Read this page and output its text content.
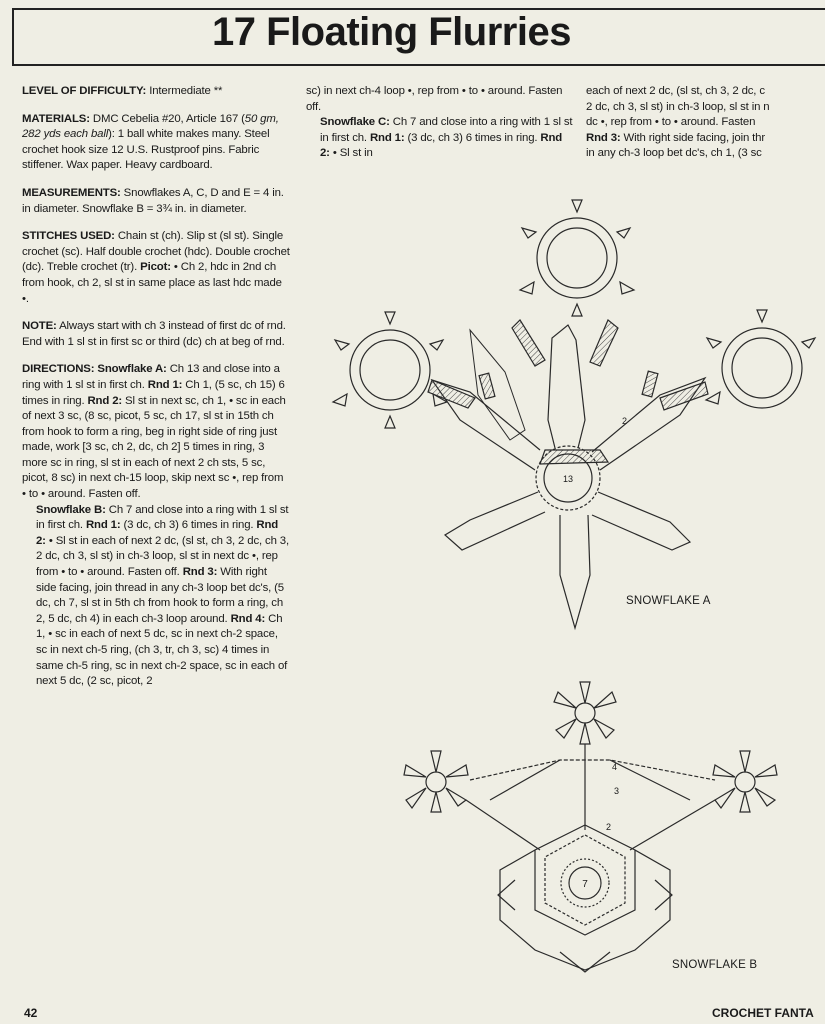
17 Floating Flurries

LEVEL OF DIFFICULTY: Intermediate **

MATERIALS: DMC Cebelia #20, Article 167 (50 gm, 282 yds each ball): 1 ball white makes many. Steel crochet hook size 12 U.S. Rustproof pins. Fabric stiffener. Wax paper. Heavy cardboard.

MEASUREMENTS: Snowflakes A, C, D and E = 4 in. in diameter. Snowflake B = 3¾ in. in diameter.

STITCHES USED: Chain st (ch). Slip st (sl st). Single crochet (sc). Half double crochet (hdc). Double crochet (dc). Treble crochet (tr). Picot: • Ch 2, hdc in 2nd ch from hook, ch 2, sl st in same place as last hdc made •.

NOTE: Always start with ch 3 instead of first dc of rnd. End with 1 sl st in first sc or third (dc) ch at beg of rnd.

DIRECTIONS: Snowflake A: Ch 13 and close into a ring with 1 sl st in first ch. Rnd 1: Ch 1, (5 sc, ch 15) 6 times in ring. Rnd 2: Sl st in next sc, ch 1, • sc in each of next 3 sc, (8 sc, picot, 5 sc, ch 17, sl st in 15th ch from hook to form a ring, beg in right side of ring just made, work [3 sc, ch 2, dc, ch 2] 5 times in ring, 3 more sc in ring, sl st in each of next 2 ch sts, 5 sc, picot, 8 sc) in next ch-15 loop, skip next sc •, rep from • to • around. Fasten off.

Snowflake B: Ch 7 and close into a ring with 1 sl st in first ch. Rnd 1: (3 dc, ch 3) 6 times in ring. Rnd 2: • Sl st in each of next 2 dc, (sl st, ch 3, 2 dc, ch 3, 2 dc, ch 3, sl st) in ch-3 loop, sl st in next dc •, rep from • to • around. Fasten off. Rnd 3: With right side facing, join thread in any ch-3 loop bet dc's, (5 dc, ch 7, sl st in 5th ch from hook to form a ring, ch 2, 5 dc, ch 4) in each ch-3 loop around. Rnd 4: Ch 1, • sc in each of next 5 dc, sc in next ch-2 space, sc in next ch-5 ring, (ch 3, tr, ch 3, sc) 4 times in same ch-5 ring, sc in next ch-2 space, sc in each of next 5 dc, (2 sc, picot, 2

sc) in next ch-4 loop •, rep from • to • around. Fasten off.

Snowflake C: Ch 7 and close into a ring with 1 sl st in first ch. Rnd 1: (3 dc, ch 3) 6 times in ring. Rnd 2: • Sl st in

each of next 2 dc, (sl st, ch 3, 2 dc, c
2 dc, ch 3, sl st) in ch-3 loop, sl st in n
dc •, rep from • to • around. Fasten
Rnd 3: With right side facing, join thr
in any ch-3 loop bet dc's, ch 1, (3 sc
13
2
7
4
3
2
SNOWFLAKE A
SNOWFLAKE B
42	CROCHET FANTA
